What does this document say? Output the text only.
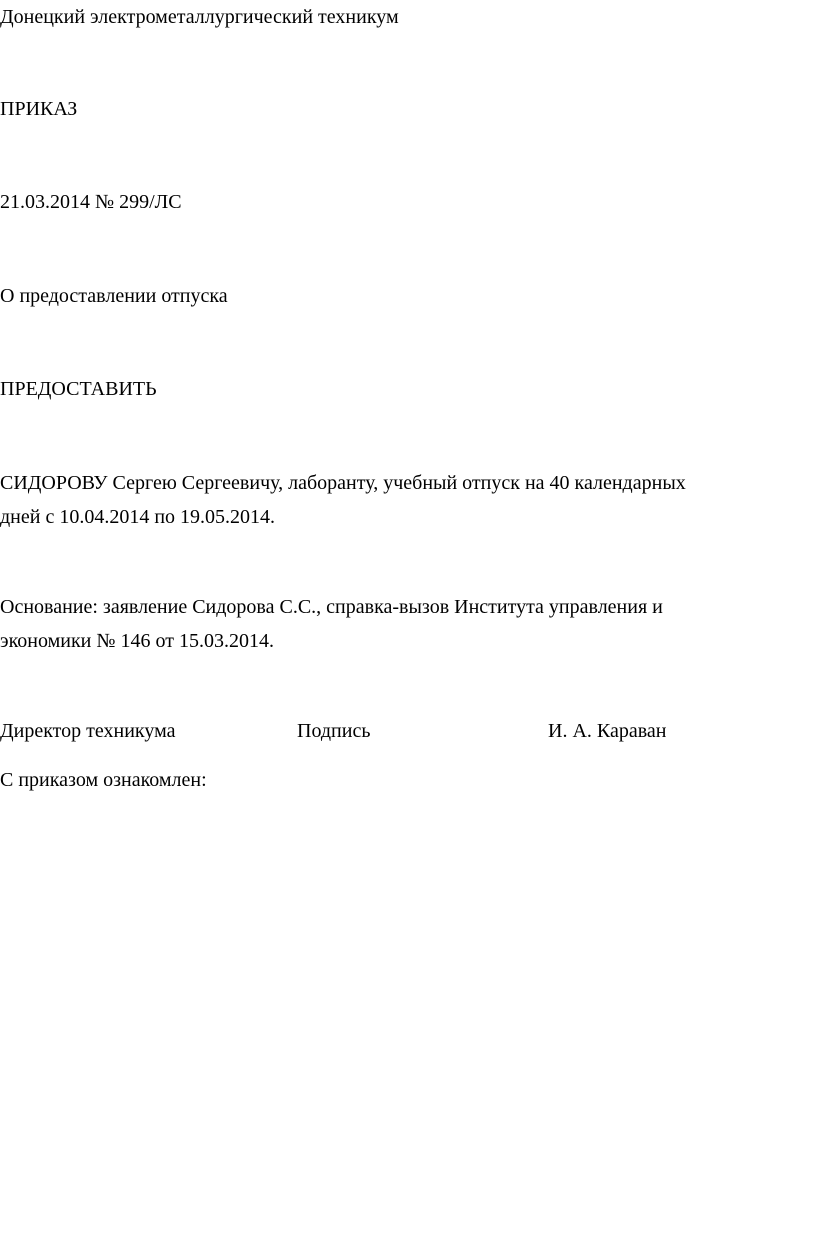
Донецкий электрометаллургический техникум
ПРИКАЗ
21.03.2014 № 299/ЛС
О предоставлении отпуска
ПРЕДОСТАВИТЬ
СИДОРОВУ Сергею Сергеевичу, лаборанту, учебный отпуск на 40 календарных
дней с 10.04.2014 по 19.05.2014.
Основание: заявление Сидорова С.С., справка-вызов Института управления и
экономики № 146 от 15.03.2014.
Директор техникума	Подпись	И. А. Караван
С приказом ознакомлен:
